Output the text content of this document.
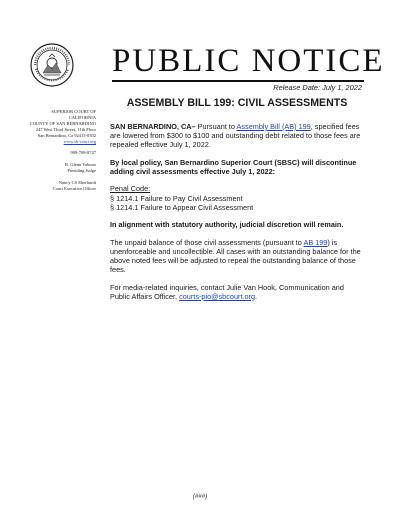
PUBLIC NOTICE
Release Date: July 1, 2022
SUPERIOR COURT OF
CALIFORNIA
COUNTY OF SAN BERNARDINO
247 West Third Street, 11th Floor
San Bernardino, Ca 92415-0302
www.sb-court.org
909-708-8747
R. Glenn Yabuno
Presiding Judge
Nancy CS Eberhardt
Court Executive Officer
ASSEMBLY BILL 199: CIVIL ASSESSMENTS

SAN BERNARDINO, CA– Pursuant to Assembly Bill (AB) 199, specified fees are lowered from $300 to $100 and outstanding debt related to those fees are repealed effective July 1, 2022.

By local policy, San Bernardino Superior Court (SBSC) will discontinue adding civil assessments effective July 1, 2022:

Penal Code:
§ 1214.1 Failure to Pay Civil Assessment
§ 1214.1 Failure to Appear Civil Assessment

In alignment with statutory authority, judicial discretion will remain.

The unpaid balance of those civil assessments (pursuant to AB 199) is unenforceable and uncollectible. All cases with an outstanding balance for the above noted fees will be adjusted to repeal the outstanding balance of those fees.

For media-related inquiries, contact Julie Van Hook, Communication and Public Affairs Officer, courts-pio@sbcourt.org.

(###)
